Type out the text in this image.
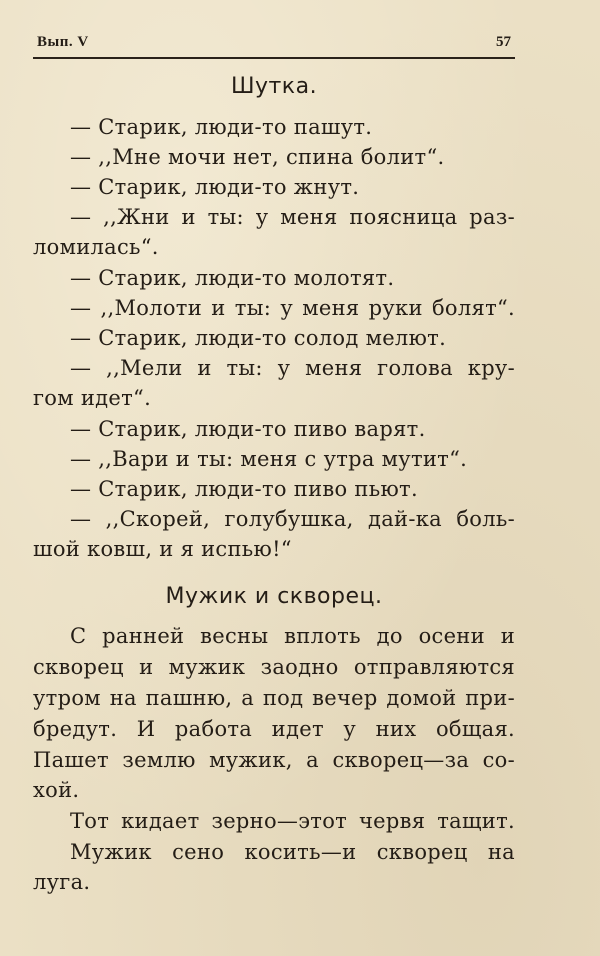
Вып. V	57
Шутка.
— Старик, люди-то пашут.
— ,,Мне мочи нет, спина болит“.
— Старик, люди-то жнут.
— ,,Жни и ты: у меня поясница раз-
ломилась“.
— Старик, люди-то молотят.
— ,,Молоти и ты: у меня руки болят“.
— Старик, люди-то солод мелют.
— ,,Мели и ты: у меня голова кру-
гом идет“.
— Старик, люди-то пиво варят.
— ,,Вари и ты: меня с утра мутит“.
— Старик, люди-то пиво пьют.
— ,,Скорей, голубушка, дай-ка боль-
шой ковш, и я испью!“
Мужик и скворец.
С ранней весны вплоть до осени и
скворец и мужик заодно отправляются
утром на пашню, а под вечер домой при-
бредут. И работа идет у них общая.
Пашет землю мужик, а скворец—за со-
хой.
Тот кидает зерно—этот червя тащит.
Мужик сено косить—и скворец на
луга.
